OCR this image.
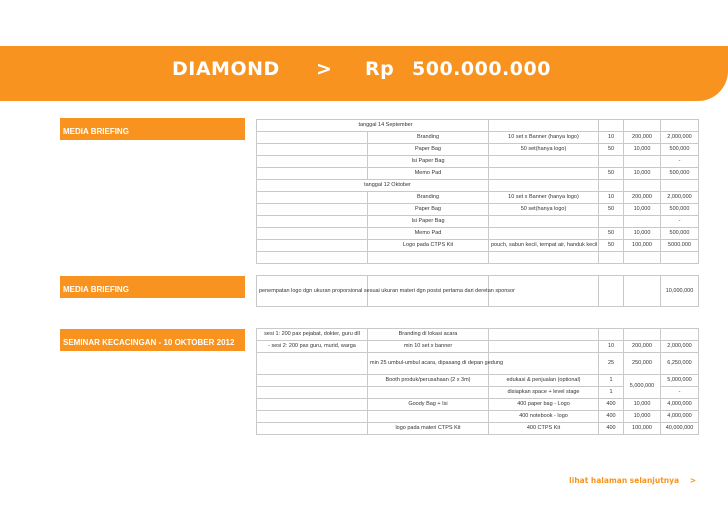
DIAMOND > Rp 500.000.000
MEDIA BRIEFING
MEDIA BRIEFING
SEMINAR KECACINGAN - 10 OKTOBER 2012
tanggal 14 September					
	Branding	10 set x Banner (hanya logo)	10	200,000	2,000,000
	Paper Bag	50 set(hanya logo)	50	10,000	500,000
	Isi Paper Bag				-
	Memo Pad		50	10,000	500,000
tanggal 12 Oktober					
	Branding	10 set x Banner (hanya logo)	10	200,000	2,000,000
	Paper Bag	50 set(hanya logo)	50	10,000	500,000
	Isi Paper Bag				-
	Memo Pad		50	10,000	500,000
	Logo pada CTPS Kit	pouch, sabun kecil, tempat air, handuk kecil	50	100,000	5000.000

penempatan logo dgn ukuran proporsional sesuai ukuran materi dgn posisi pertama dari deretan sponsor					10,000,000
sesi 1: 200 pax pejabat, dokter, guru dll	Branding di lokasi acara				
- sesi 2: 200 pax guru, murid, warga	min 10 set x banner		10	200,000	2,000,000
	min 25 umbul-umbul acara, dipasang di depan gedung		25	250,000	6,250,000
	Booth produk/perusahaan (2 x 3m)	edukasi & penjualan (optional)	1	5,000,000	5,000,000
		disiapkan space + level stage	1		-
	Goody Bag + Isi	400 paper bag - Logo	400	10,000	4,000,000
		400 notebook - logo	400	10,000	4,000,000
	logo pada materi CTPS Kit	400 CTPS Kit	400	100,000	40,000,000
lihat halaman selanjutnya >
